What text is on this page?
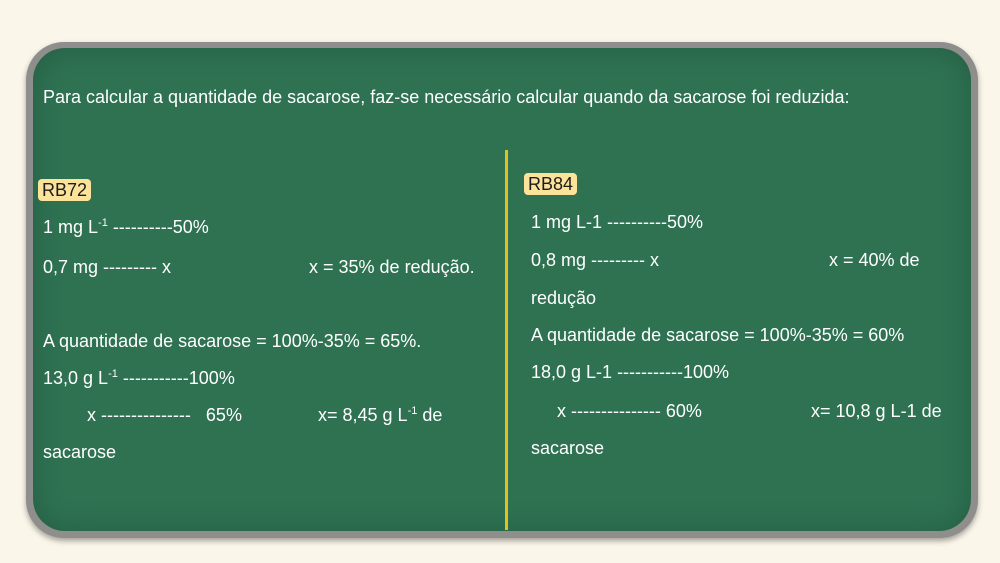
Para calcular a quantidade de sacarose, faz-se necessário calcular quando da sacarose foi reduzida:
RB72
1 mg $L^{-1}$ ----------50%
0,7 mg --------- x	x = 35% de redução.
A quantidade de sacarose = 100%-35% = 65%.
13,0 g $L^{-1}$ -----------100%
x ---------------   65%	x= 8,45 g $L^{-1}$ de
sacarose
RB84
1 mg L-1 ----------50%
0,8 mg --------- x	x = 40% de
redução
A quantidade de sacarose = 100%-35% = 60%
18,0 g L-1 -----------100%
x --------------- 60%	x= 10,8 g L-1 de
sacarose
